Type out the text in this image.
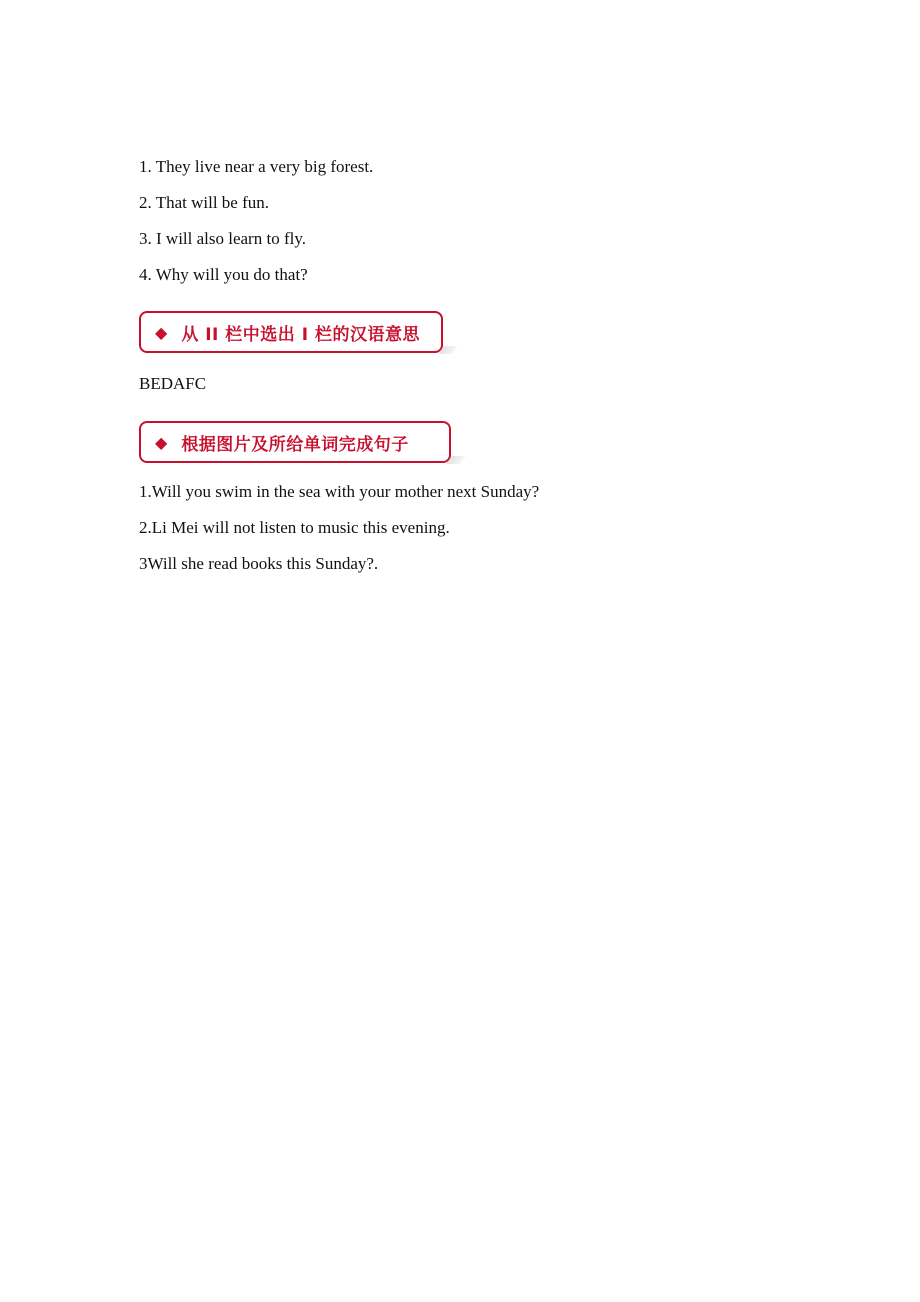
1. They live near a very big forest.
2. That will be fun.
3. I will also learn to fly.
4. Why will you do that?
◆ 从 II 栏中选出 I 栏的汉语意思
BEDAFC
◆ 根据图片及所给单词完成句子
1.Will you swim in the sea with your mother next Sunday?
2.Li Mei will not listen to music this evening.
3Will she read books this Sunday?.
